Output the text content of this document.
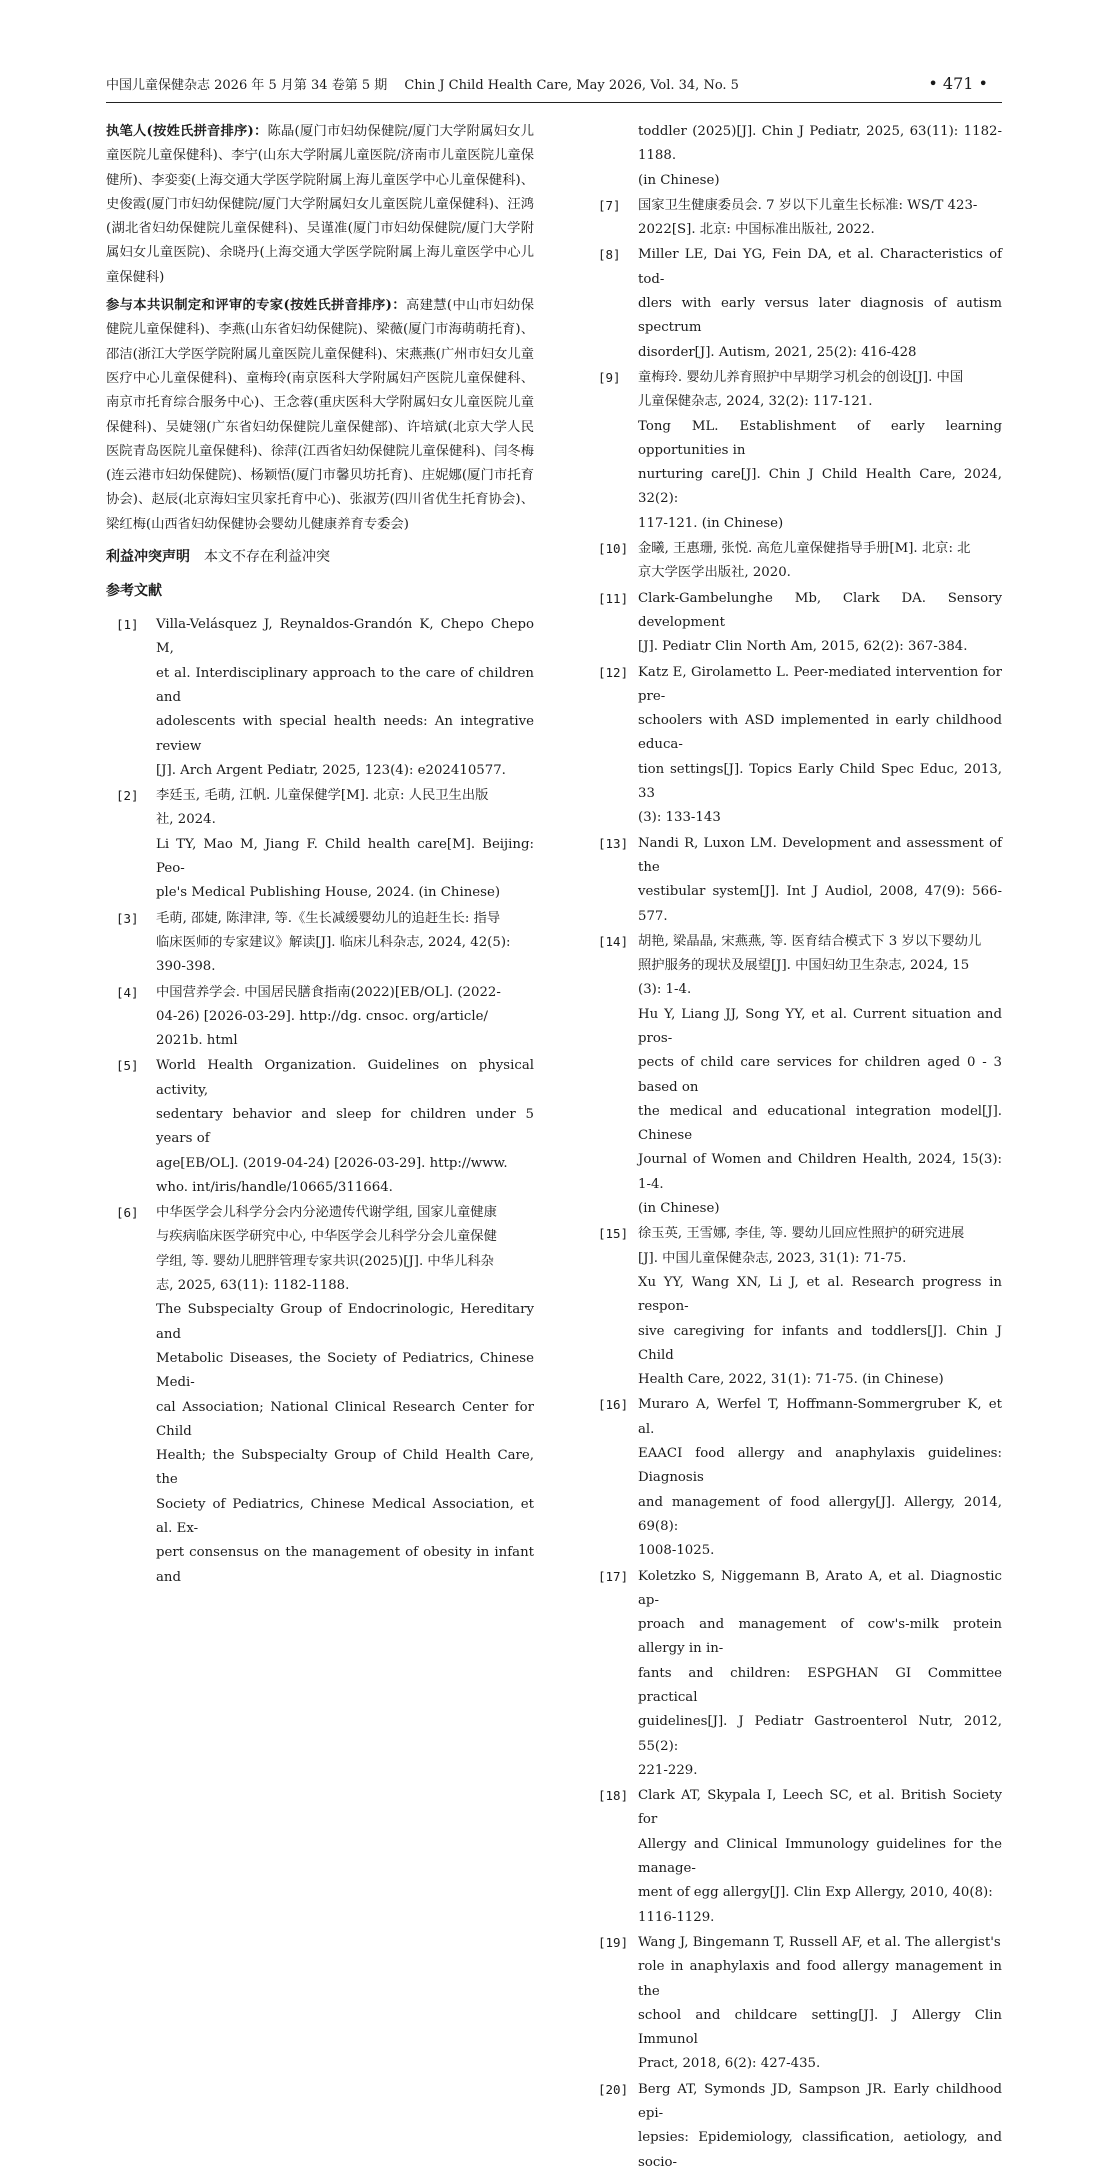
中国儿童保健杂志 2026 年 5 月第 34 卷第 5 期　 Chin J Child Health Care, May 2026, Vol. 34, No. 5	• 471 •

执笔人(按姓氏拼音排序)：陈晶(厦门市妇幼保健院/厦门大学附属妇女儿童医院儿童保健科)、李宁(山东大学附属儿童医院/济南市儿童医院儿童保健所)、李娈娈(上海交通大学医学院附属上海儿童医学中心儿童保健科)、史俊霞(厦门市妇幼保健院/厦门大学附属妇女儿童医院儿童保健科)、汪鸿(湖北省妇幼保健院儿童保健科)、吴谨准(厦门市妇幼保健院/厦门大学附属妇女儿童医院)、余晓丹(上海交通大学医学院附属上海儿童医学中心儿童保健科)

参与本共识制定和评审的专家(按姓氏拼音排序)：高建慧(中山市妇幼保健院儿童保健科)、李燕(山东省妇幼保健院)、梁薇(厦门市海萌萌托育)、邵洁(浙江大学医学院附属儿童医院儿童保健科)、宋燕燕(广州市妇女儿童医疗中心儿童保健科)、童梅玲(南京医科大学附属妇产医院儿童保健科、南京市托育综合服务中心)、王念蓉(重庆医科大学附属妇女儿童医院儿童保健科)、吴婕翎(广东省妇幼保健院儿童保健部)、许培斌(北京大学人民医院青岛医院儿童保健科)、徐萍(江西省妇幼保健院儿童保健科)、闫冬梅(连云港市妇幼保健院)、杨颖悟(厦门市馨贝坊托育)、庄妮娜(厦门市托育协会)、赵辰(北京海妇宝贝家托育中心)、张淑芳(四川省优生托育协会)、梁红梅(山西省妇幼保健协会婴幼儿健康养育专委会)

利益冲突声明 本文不存在利益冲突
参考文献
[1] Villa-Velásquez J, Reynaldos-Grandón K, Chepo Chepo M,
et al. Interdisciplinary approach to the care of children and
adolescents with special health needs: An integrative review
[J]. Arch Argent Pediatr, 2025, 123(4): e202410577.
[2] 李廷玉, 毛萌, 江帆. 儿童保健学[M]. 北京: 人民卫生出版
社, 2024.
Li TY, Mao M, Jiang F. Child health care[M]. Beijing: Peo-
ple's Medical Publishing House, 2024. (in Chinese)
[3] 毛萌, 邵婕, 陈津津, 等.《生长减缓婴幼儿的追赶生长: 指导
临床医师的专家建议》解读[J]. 临床儿科杂志, 2024, 42(5):
390-398.
[4] 中国营养学会. 中国居民膳食指南(2022)[EB/OL]. (2022-
04-26) [2026-03-29]. http://dg. cnsoc. org/article/
2021b. html
[5] World Health Organization. Guidelines on physical activity,
sedentary behavior and sleep for children under 5 years of
age[EB/OL]. (2019-04-24) [2026-03-29]. http://www.
who. int/iris/handle/10665/311664.
[6] 中华医学会儿科学分会内分泌遗传代谢学组, 国家儿童健康
与疾病临床医学研究中心, 中华医学会儿科学分会儿童保健
学组, 等. 婴幼儿肥胖管理专家共识(2025)[J]. 中华儿科杂
志, 2025, 63(11): 1182-1188.
The Subspecialty Group of Endocrinologic, Hereditary and
Metabolic Diseases, the Society of Pediatrics, Chinese Medi-
cal Association; National Clinical Research Center for Child
Health; the Subspecialty Group of Child Health Care, the
Society of Pediatrics, Chinese Medical Association, et al. Ex-
pert consensus on the management of obesity in infant and
toddler (2025)[J]. Chin J Pediatr, 2025, 63(11): 1182-1188.
(in Chinese)
[7] 国家卫生健康委员会. 7 岁以下儿童生长标准: WS/T 423-
2022[S]. 北京: 中国标准出版社, 2022.
[8] Miller LE, Dai YG, Fein DA, et al. Characteristics of tod-
dlers with early versus later diagnosis of autism spectrum
disorder[J]. Autism, 2021, 25(2): 416-428
[9] 童梅玲. 婴幼儿养育照护中早期学习机会的创设[J]. 中国
儿童保健杂志, 2024, 32(2): 117-121.
Tong ML. Establishment of early learning opportunities in
nurturing care[J]. Chin J Child Health Care, 2024, 32(2):
117-121. (in Chinese)
[10] 金曦, 王惠珊, 张悦. 高危儿童保健指导手册[M]. 北京: 北
京大学医学出版社, 2020.
[11] Clark-Gambelunghe Mb, Clark DA. Sensory development
[J]. Pediatr Clin North Am, 2015, 62(2): 367-384.
[12] Katz E, Girolametto L. Peer-mediated intervention for pre-
schoolers with ASD implemented in early childhood educa-
tion settings[J]. Topics Early Child Spec Educ, 2013, 33
(3): 133-143
[13] Nandi R, Luxon LM. Development and assessment of the
vestibular system[J]. Int J Audiol, 2008, 47(9): 566-577.
[14] 胡艳, 梁晶晶, 宋燕燕, 等. 医育结合模式下 3 岁以下婴幼儿
照护服务的现状及展望[J]. 中国妇幼卫生杂志, 2024, 15
(3): 1-4.
Hu Y, Liang JJ, Song YY, et al. Current situation and pros-
pects of child care services for children aged 0 - 3 based on
the medical and educational integration model[J]. Chinese
Journal of Women and Children Health, 2024, 15(3): 1-4.
(in Chinese)
[15] 徐玉英, 王雪娜, 李佳, 等. 婴幼儿回应性照护的研究进展
[J]. 中国儿童保健杂志, 2023, 31(1): 71-75.
Xu YY, Wang XN, Li J, et al. Research progress in respon-
sive caregiving for infants and toddlers[J]. Chin J Child
Health Care, 2022, 31(1): 71-75. (in Chinese)
[16] Muraro A, Werfel T, Hoffmann-Sommergruber K, et al.
EAACI food allergy and anaphylaxis guidelines: Diagnosis
and management of food allergy[J]. Allergy, 2014, 69(8):
1008-1025.
[17] Koletzko S, Niggemann B, Arato A, et al. Diagnostic ap-
proach and management of cow's-milk protein allergy in in-
fants and children: ESPGHAN GI Committee practical
guidelines[J]. J Pediatr Gastroenterol Nutr, 2012, 55(2):
221-229.
[18] Clark AT, Skypala I, Leech SC, et al. British Society for
Allergy and Clinical Immunology guidelines for the manage-
ment of egg allergy[J]. Clin Exp Allergy, 2010, 40(8):
1116-1129.
[19] Wang J, Bingemann T, Russell AF, et al. The allergist's
role in anaphylaxis and food allergy management in the
school and childcare setting[J]. J Allergy Clin Immunol
Pract, 2018, 6(2): 427-435.
[20] Berg AT, Symonds JD, Sampson JR. Early childhood epi-
lepsies: Epidemiology, classification, aetiology, and socio-
